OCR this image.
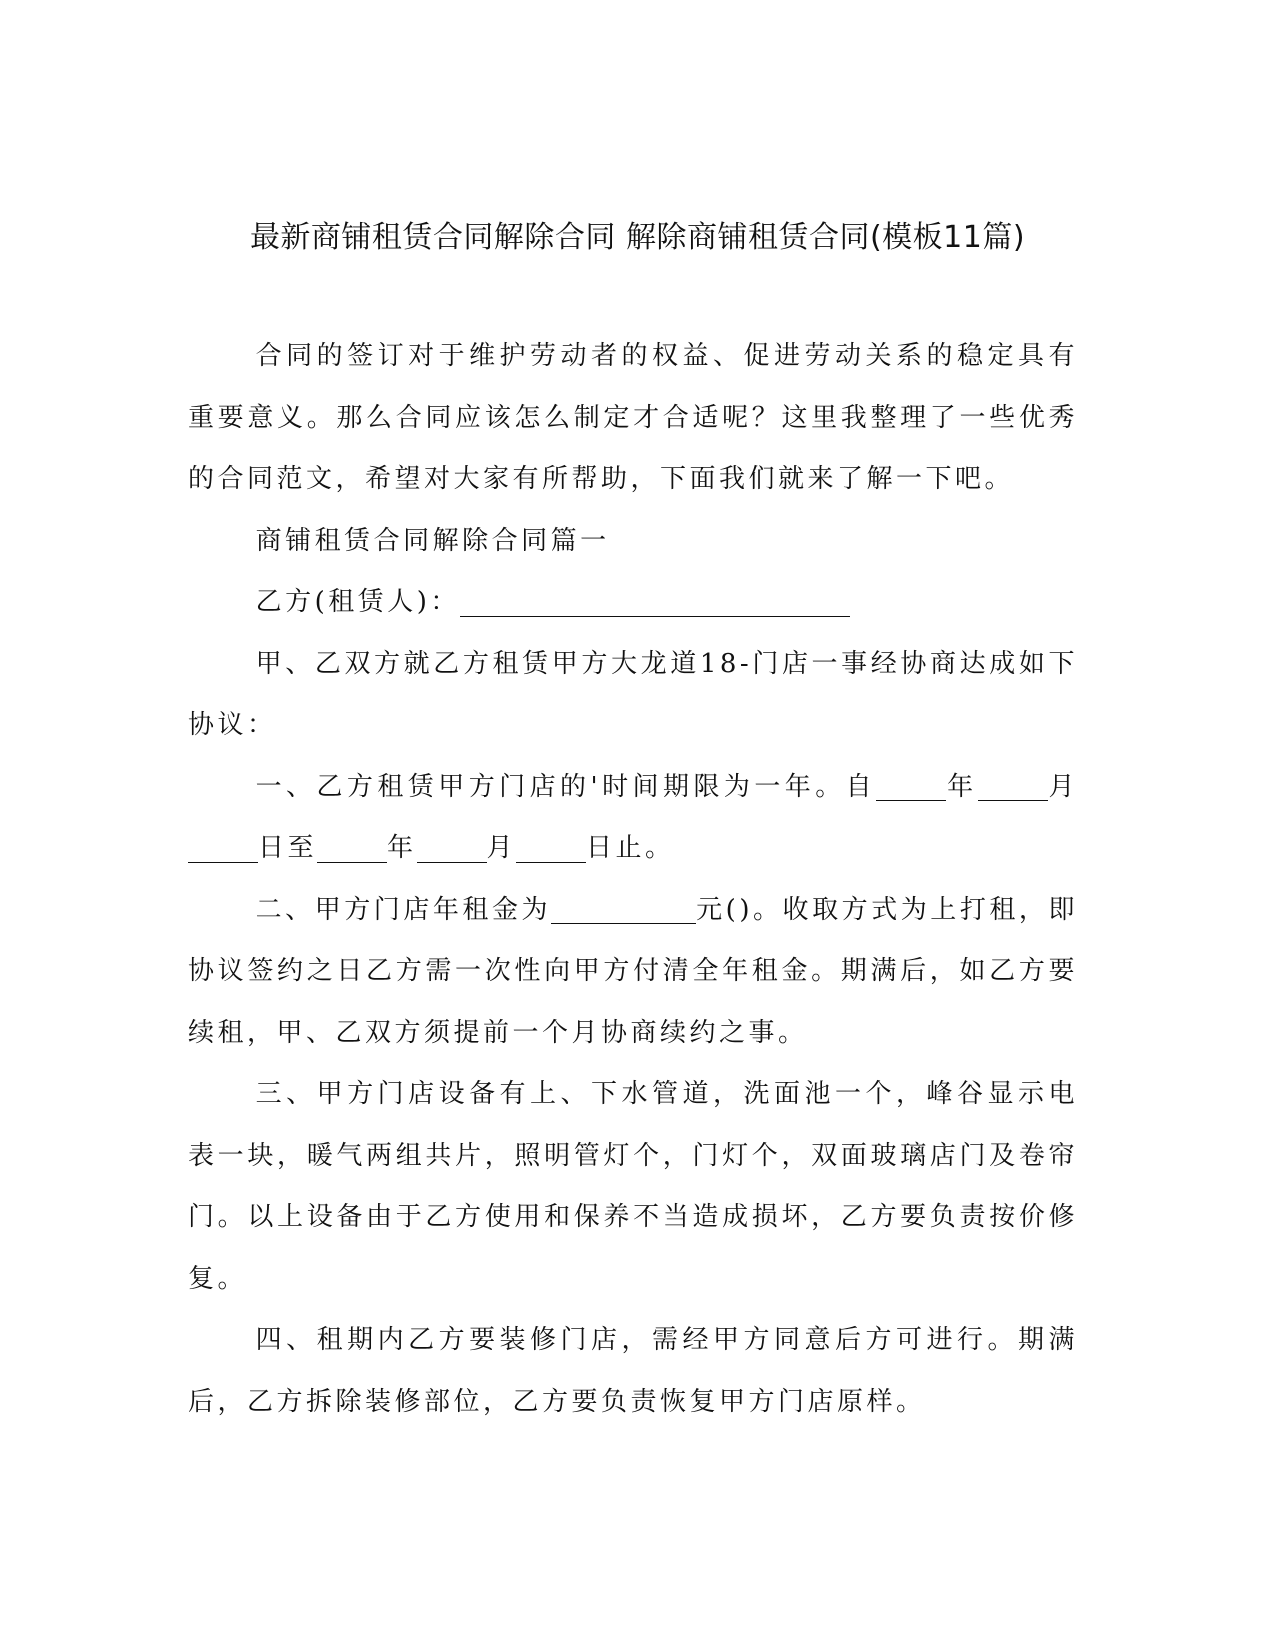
最新商铺租赁合同解除合同 解除商铺租赁合同(模板11篇)

合同的签订对于维护劳动者的权益、促进劳动关系的稳定具有重要意义。那么合同应该怎么制定才合适呢？这里我整理了一些优秀的合同范文，希望对大家有所帮助，下面我们就来了解一下吧。

商铺租赁合同解除合同篇一

乙方(租赁人)：

甲、乙双方就乙方租赁甲方大龙道18-门店一事经协商达成如下协议：

一、乙方租赁甲方门店的'时间期限为一年。自	年	月日至	年	月	日止。

二、甲方门店年租金为	元()。收取方式为上打租，即协议签约之日乙方需一次性向甲方付清全年租金。期满后，如乙方要续租，甲、乙双方须提前一个月协商续约之事。

三、甲方门店设备有上、下水管道，洗面池一个，峰谷显示电表一块，暖气两组共片，照明管灯个，门灯个，双面玻璃店门及卷帘门。以上设备由于乙方使用和保养不当造成损坏，乙方要负责按价修复。

四、租期内乙方要装修门店，需经甲方同意后方可进行。期满后，乙方拆除装修部位，乙方要负责恢复甲方门店原样。
